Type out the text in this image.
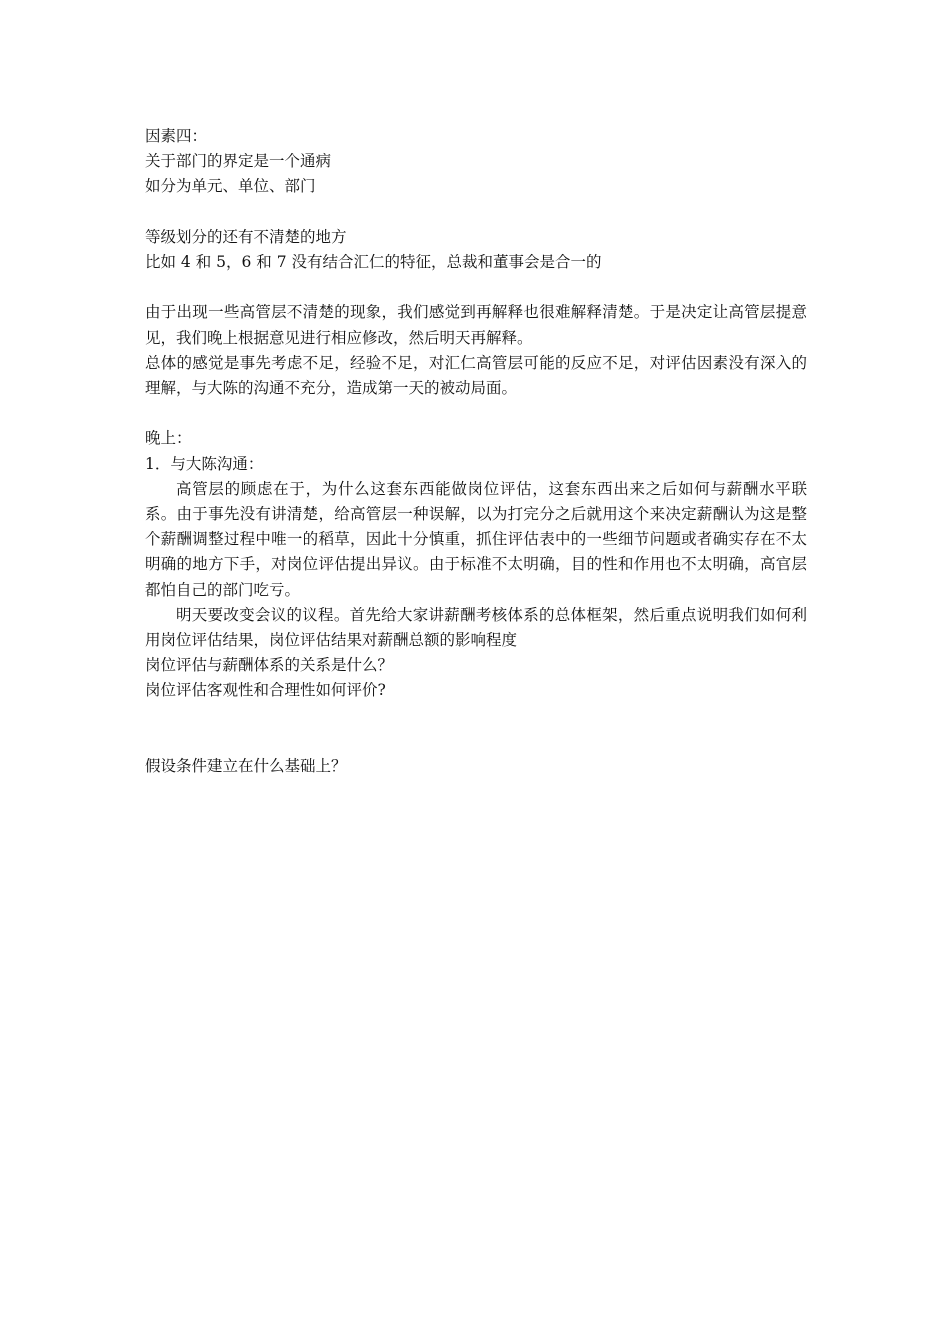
因素四：
关于部门的界定是一个通病
如分为单元、单位、部门
等级划分的还有不清楚的地方
比如 4 和 5，6 和 7 没有结合汇仁的特征，总裁和董事会是合一的
由于出现一些高管层不清楚的现象，我们感觉到再解释也很难解释清楚。于是决定让高管层提意见，我们晚上根据意见进行相应修改，然后明天再解释。
总体的感觉是事先考虑不足，经验不足，对汇仁高管层可能的反应不足，对评估因素没有深入的理解，与大陈的沟通不充分，造成第一天的被动局面。
晚上：
1．与大陈沟通：
高管层的顾虑在于，为什么这套东西能做岗位评估，这套东西出来之后如何与薪酬水平联系。由于事先没有讲清楚，给高管层一种误解，以为打完分之后就用这个来决定薪酬认为这是整个薪酬调整过程中唯一的稻草，因此十分慎重，抓住评估表中的一些细节问题或者确实存在不太明确的地方下手，对岗位评估提出异议。由于标准不太明确，目的性和作用也不太明确，高官层都怕自己的部门吃亏。
明天要改变会议的议程。首先给大家讲薪酬考核体系的总体框架，然后重点说明我们如何利用岗位评估结果，岗位评估结果对薪酬总额的影响程度
岗位评估与薪酬体系的关系是什么？
岗位评估客观性和合理性如何评价?
假设条件建立在什么基础上？
